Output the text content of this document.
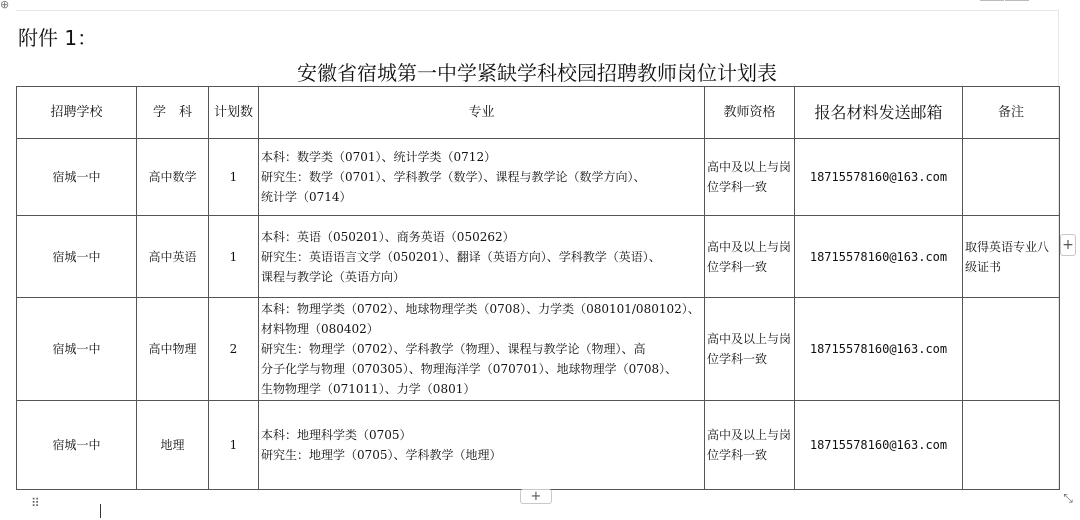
⊕
附件 1：
安徽省宿城第一中学紧缺学科校园招聘教师岗位计划表
招聘学校	学　科	计划数	专业	教师资格	报名材料发送邮箱	备注
宿城一中	高中数学	1	本科：数学类（0701）、统计学类（0712）
研究生：数学（0701）、学科教学（数学）、课程与教学论（数学方向）、
统计学（0714）	高中及以上与岗位学科一致	18715578160@163.com	
宿城一中	高中英语	1	本科：英语（050201）、商务英语（050262）
研究生：英语语言文学（050201）、翻译（英语方向）、学科教学（英语）、
课程与教学论（英语方向）	高中及以上与岗位学科一致	18715578160@163.com	取得英语专业八级证书
宿城一中	高中物理	2	本科：物理学类（0702）、地球物理学类（0708）、力学类（080101/080102）、
材料物理（080402）
研究生：物理学（0702）、学科教学（物理）、课程与教学论（物理）、高
分子化学与物理（070305）、物理海洋学（070701）、地球物理学（0708）、
生物物理学（071011）、力学（0801）	高中及以上与岗位学科一致	18715578160@163.com	
宿城一中	地理	1	本科：地理科学类（0705）
研究生：地理学（0705）、学科教学（地理）	高中及以上与岗位学科一致	18715578160@163.com	
+
+
⠿	⤡
